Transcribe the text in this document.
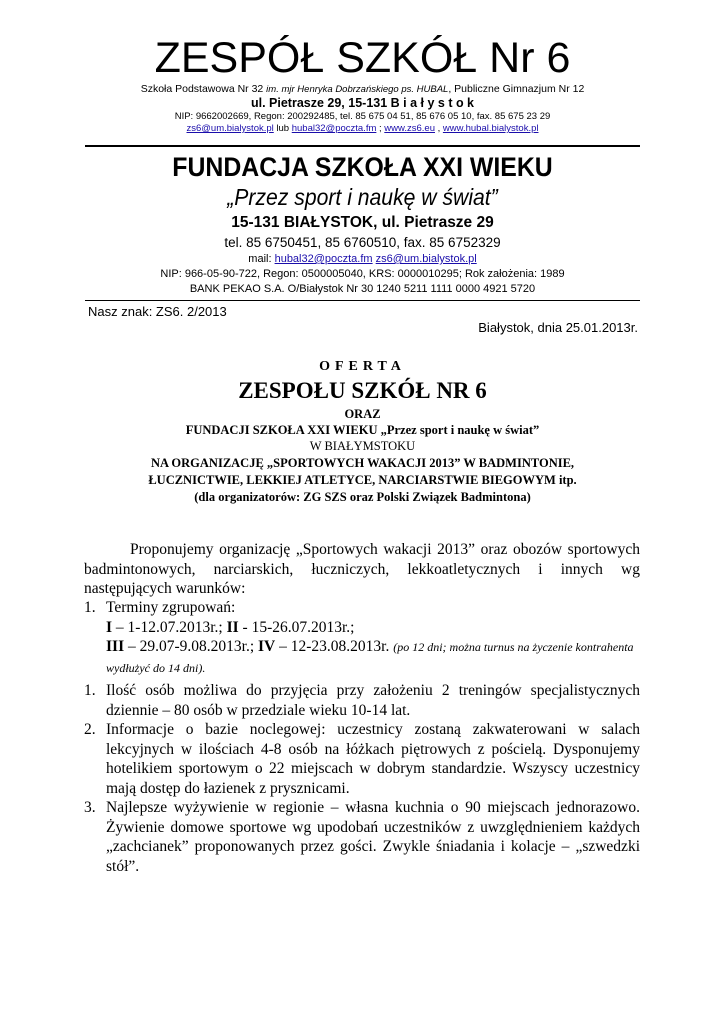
ZESPÓŁ SZKÓŁ Nr 6
Szkoła Podstawowa Nr 32 im. mjr Henryka Dobrzańskiego ps. HUBAL, Publiczne Gimnazjum Nr 12
ul. Pietrasze 29, 15-131 B i a ł y s t o k
NIP: 9662002669, Regon: 200292485, tel. 85 675 04 51, 85 676 05 10, fax. 85 675 23 29
zs6@um.bialystok.pl lub hubal32@poczta.fm ; www.zs6.eu , www.hubal.bialystok.pl
FUNDACJA SZKOŁA XXI WIEKU
„Przez sport i naukę w świat”
15-131 BIAŁYSTOK, ul. Pietrasze 29
tel. 85 6750451, 85 6760510, fax. 85 6752329
mail: hubal32@poczta.fm zs6@um.bialystok.pl
NIP: 966-05-90-722, Regon: 0500005040, KRS: 0000010295; Rok założenia: 1989
BANK PEKAO S.A. O/Białystok Nr 30 1240 5211 1111 0000 4921 5720
Nasz znak: ZS6. 2/2013
Białystok, dnia 25.01.2013r.
OFERTA
ZESPOŁU SZKÓŁ NR 6
ORAZ
FUNDACJI SZKOŁA XXI WIEKU „Przez sport i naukę w świat”
W BIAŁYMSTOKU
NA ORGANIZACJĘ „SPORTOWYCH WAKACJI 2013” W BADMINTONIE,
ŁUCZNICTWIE, LEKKIEJ ATLETYCE, NARCIARSTWIE BIEGOWYM itp.
(dla organizatorów: ZG SZS oraz Polski Związek Badmintona)
Proponujemy organizację „Sportowych wakacji 2013” oraz obozów sportowych badmintonowych, narciarskich, łuczniczych, lekkoatletycznych i innych wg następujących warunków:
1. Terminy zgrupowań:
I – 1-12.07.2013r.; II - 15-26.07.2013r.;
III – 29.07-9.08.2013r.; IV – 12-23.08.2013r. (po 12 dni; można turnus na życzenie kontrahenta wydłużyć do 14 dni).
1. Ilość osób możliwa do przyjęcia przy założeniu 2 treningów specjalistycznych dziennie – 80 osób w przedziale wieku 10-14 lat.
2. Informacje o bazie noclegowej: uczestnicy zostaną zakwaterowani w salach lekcyjnych w ilościach 4-8 osób na łóżkach piętrowych z pościelą. Dysponujemy hotelikiem sportowym o 22 miejscach w dobrym standardzie. Wszyscy uczestnicy mają dostęp do łazienek z prysznicami.
3. Najlepsze wyżywienie w regionie – własna kuchnia o 90 miejscach jednorazowo. Żywienie domowe sportowe wg upodobań uczestników z uwzględnieniem każdych „zachcianek” proponowanych przez gości. Zwykle śniadania i kolacje – „szwedzki stół”.
